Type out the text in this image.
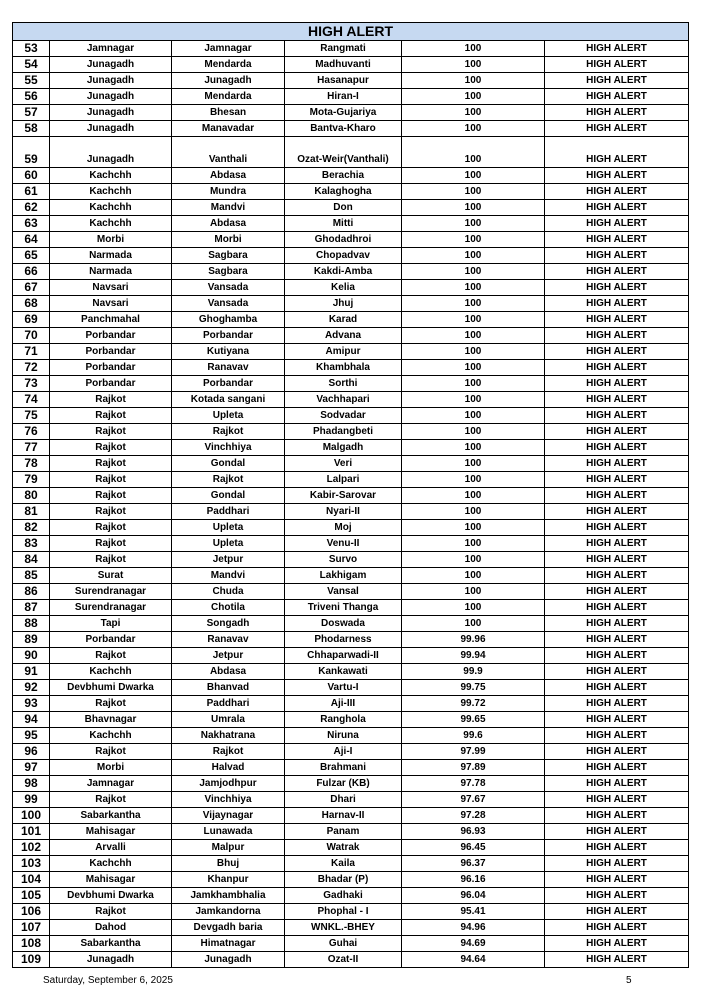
HIGH ALERT					
53	Jamnagar	Jamnagar	Rangmati	100	HIGH ALERT
54	Junagadh	Mendarda	Madhuvanti	100	HIGH ALERT
55	Junagadh	Junagadh	Hasanapur	100	HIGH ALERT
56	Junagadh	Mendarda	Hiran-I	100	HIGH ALERT
57	Junagadh	Bhesan	Mota-Gujariya	100	HIGH ALERT
58	Junagadh	Manavadar	Bantva-Kharo	100	HIGH ALERT
59	Junagadh	Vanthali	Ozat-Weir(Vanthali)	100	HIGH ALERT
60	Kachchh	Abdasa	Berachia	100	HIGH ALERT
61	Kachchh	Mundra	Kalaghogha	100	HIGH ALERT
62	Kachchh	Mandvi	Don	100	HIGH ALERT
63	Kachchh	Abdasa	Mitti	100	HIGH ALERT
64	Morbi	Morbi	Ghodadhroi	100	HIGH ALERT
65	Narmada	Sagbara	Chopadvav	100	HIGH ALERT
66	Narmada	Sagbara	Kakdi-Amba	100	HIGH ALERT
67	Navsari	Vansada	Kelia	100	HIGH ALERT
68	Navsari	Vansada	Jhuj	100	HIGH ALERT
69	Panchmahal	Ghoghamba	Karad	100	HIGH ALERT
70	Porbandar	Porbandar	Advana	100	HIGH ALERT
71	Porbandar	Kutiyana	Amipur	100	HIGH ALERT
72	Porbandar	Ranavav	Khambhala	100	HIGH ALERT
73	Porbandar	Porbandar	Sorthi	100	HIGH ALERT
74	Rajkot	Kotada sangani	Vachhapari	100	HIGH ALERT
75	Rajkot	Upleta	Sodvadar	100	HIGH ALERT
76	Rajkot	Rajkot	Phadangbeti	100	HIGH ALERT
77	Rajkot	Vinchhiya	Malgadh	100	HIGH ALERT
78	Rajkot	Gondal	Veri	100	HIGH ALERT
79	Rajkot	Rajkot	Lalpari	100	HIGH ALERT
80	Rajkot	Gondal	Kabir-Sarovar	100	HIGH ALERT
81	Rajkot	Paddhari	Nyari-II	100	HIGH ALERT
82	Rajkot	Upleta	Moj	100	HIGH ALERT
83	Rajkot	Upleta	Venu-II	100	HIGH ALERT
84	Rajkot	Jetpur	Survo	100	HIGH ALERT
85	Surat	Mandvi	Lakhigam	100	HIGH ALERT
86	Surendranagar	Chuda	Vansal	100	HIGH ALERT
87	Surendranagar	Chotila	Triveni Thanga	100	HIGH ALERT
88	Tapi	Songadh	Doswada	100	HIGH ALERT
89	Porbandar	Ranavav	Phodarness	99.96	HIGH ALERT
90	Rajkot	Jetpur	Chhaparwadi-II	99.94	HIGH ALERT
91	Kachchh	Abdasa	Kankawati	99.9	HIGH ALERT
92	Devbhumi Dwarka	Bhanvad	Vartu-I	99.75	HIGH ALERT
93	Rajkot	Paddhari	Aji-III	99.72	HIGH ALERT
94	Bhavnagar	Umrala	Ranghola	99.65	HIGH ALERT
95	Kachchh	Nakhatrana	Niruna	99.6	HIGH ALERT
96	Rajkot	Rajkot	Aji-I	97.99	HIGH ALERT
97	Morbi	Halvad	Brahmani	97.89	HIGH ALERT
98	Jamnagar	Jamjodhpur	Fulzar (KB)	97.78	HIGH ALERT
99	Rajkot	Vinchhiya	Dhari	97.67	HIGH ALERT
100	Sabarkantha	Vijaynagar	Harnav-II	97.28	HIGH ALERT
101	Mahisagar	Lunawada	Panam	96.93	HIGH ALERT
102	Arvalli	Malpur	Watrak	96.45	HIGH ALERT
103	Kachchh	Bhuj	Kaila	96.37	HIGH ALERT
104	Mahisagar	Khanpur	Bhadar (P)	96.16	HIGH ALERT
105	Devbhumi Dwarka	Jamkhambhalia	Gadhaki	96.04	HIGH ALERT
106	Rajkot	Jamkandorna	Phophal - I	95.41	HIGH ALERT
107	Dahod	Devgadh baria	WNKL.-BHEY	94.96	HIGH ALERT
108	Sabarkantha	Himatnagar	Guhai	94.69	HIGH ALERT
109	Junagadh	Junagadh	Ozat-II	94.64	HIGH ALERT
Saturday, September 6, 2025	5
